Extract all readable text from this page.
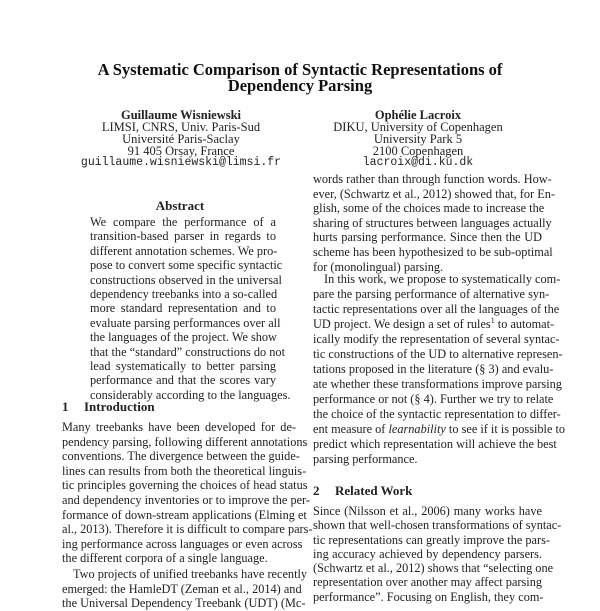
A Systematic Comparison of Syntactic Representations of
Dependency Parsing
Guillaume Wisniewski
LIMSI, CNRS, Univ. Paris-Sud
Université Paris-Saclay
91 405 Orsay, France
guillaume.wisniewski@limsi.fr
Ophélie Lacroix
DIKU, University of Copenhagen
University Park 5
2100 Copenhagen
lacroix@di.ku.dk
Abstract
We compare the performance of a
transition-based parser in regards to
different annotation schemes. We pro-
pose to convert some specific syntactic
constructions observed in the universal
dependency treebanks into a so-called
more standard representation and to
evaluate parsing performances over all
the languages of the project. We show
that the “standard” constructions do not
lead systematically to better parsing
performance and that the scores vary
considerably according to the languages.
1 Introduction
Many treebanks have been developed for de-
pendency parsing, following different annotations
conventions. The divergence between the guide-
lines can results from both the theoretical linguis-
tic principles governing the choices of head status
and dependency inventories or to improve the per-
formance of down-stream applications (Elming et
al., 2013). Therefore it is difficult to compare pars-
ing performance across languages or even across
the different corpora of a single language.
Two projects of unified treebanks have recently
emerged: the HamleDT (Zeman et al., 2014) and
the Universal Dependency Treebank (UDT) (Mc-
words rather than through function words. How-
ever, (Schwartz et al., 2012) showed that, for En-
glish, some of the choices made to increase the
sharing of structures between languages actually
hurts parsing performance. Since then the UD
scheme has been hypothesized to be sub-optimal
for (monolingual) parsing.
In this work, we propose to systematically com-
pare the parsing performance of alternative syn-
tactic representations over all the languages of the
UD project. We design a set of rules$^1$ to automat-
ically modify the representation of several syntac-
tic constructions of the UD to alternative represen-
tations proposed in the literature (§ 3) and evalu-
ate whether these transformations improve parsing
performance or not (§ 4). Further we try to relate
the choice of the syntactic representation to differ-
ent measure of learnability to see if it is possible to
predict which representation will achieve the best
parsing performance.
2 Related Work
Since (Nilsson et al., 2006) many works have
shown that well-chosen transformations of syntac-
tic representations can greatly improve the pars-
ing accuracy achieved by dependency parsers.
(Schwartz et al., 2012) shows that “selecting one
representation over another may affect parsing
performance”. Focusing on English, they com-
